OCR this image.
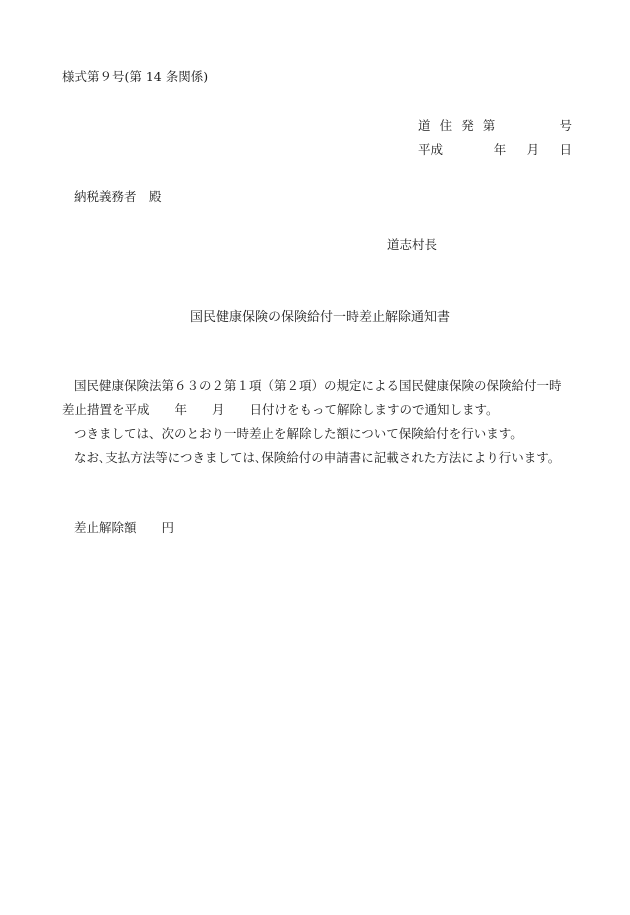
様式第９号(第 14 条関係)
道 住 発 第	号
平成	年 月 日
納税義務者　殿
道志村長
国民健康保険の保険給付一時差止解除通知書
国民健康保険法第６３の２第１項（第２項）の規定による国民健康保険の保険給付一時
差止措置を平成　　年　　月　　日付けをもって解除しますので通知します。
つきましては、次のとおり一時差止を解除した額について保険給付を行います。
なお､支払方法等につきましては､保険給付の申請書に記載された方法により行います。
差止解除額　　円
